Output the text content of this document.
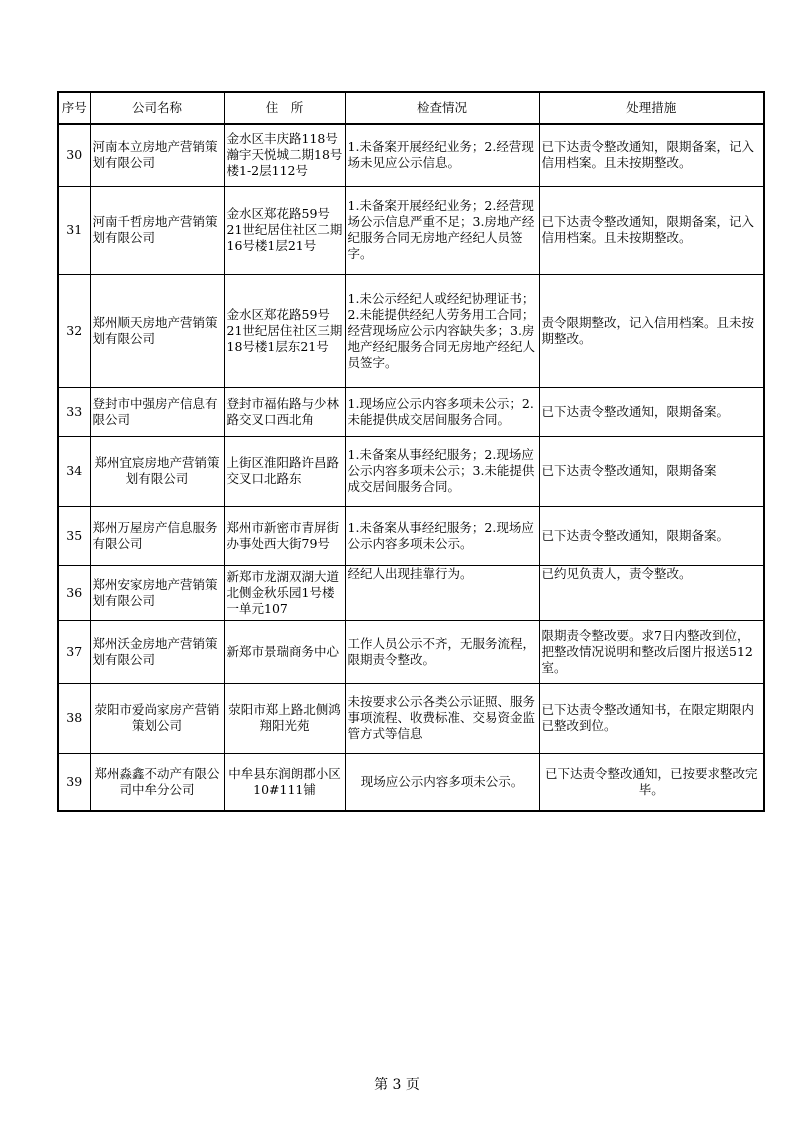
序号	公司名称	住　所	检查情况	处理措施
30	河南本立房地产营销策划有限公司	金水区丰庆路118号瀚宇天悦城二期18号楼1-2层112号	1.未备案开展经纪业务；2.经营现场未见应公示信息。	已下达责令整改通知，限期备案，记入信用档案。且未按期整改。
31	河南千哲房地产营销策划有限公司	金水区郑花路59号21世纪居住社区二期16号楼1层21号	1.未备案开展经纪业务；2.经营现场公示信息严重不足；3.房地产经纪服务合同无房地产经纪人员签字。	已下达责令整改通知，限期备案，记入信用档案。且未按期整改。
32	郑州顺天房地产营销策划有限公司	金水区郑花路59号21世纪居住社区三期18号楼1层东21号	1.未公示经纪人或经纪协理证书；2.未能提供经纪人劳务用工合同；经营现场应公示内容缺失多；3.房地产经纪服务合同无房地产经纪人员签字。	责令限期整改，记入信用档案。且未按期整改。
33	登封市中强房产信息有限公司	登封市福佑路与少林路交叉口西北角	1.现场应公示内容多项未公示；2.未能提供成交居间服务合同。	已下达责令整改通知，限期备案。
34	郑州宜宸房地产营销策划有限公司	上街区淮阳路许昌路交叉口北路东	1.未备案从事经纪服务；2.现场应公示内容多项未公示；3.未能提供成交居间服务合同。	已下达责令整改通知，限期备案
35	郑州万屋房产信息服务有限公司	郑州市新密市青屏街办事处西大街79号	1.未备案从事经纪服务；2.现场应公示内容多项未公示。	已下达责令整改通知，限期备案。
36	郑州安家房地产营销策划有限公司	新郑市龙湖双湖大道北侧金秋乐园1号楼一单元107	经纪人出现挂靠行为。	已约见负责人，责令整改。
37	郑州沃金房地产营销策划有限公司	新郑市景瑞商务中心	工作人员公示不齐，无服务流程，限期责令整改。	限期责令整改要。求7日内整改到位，把整改情况说明和整改后图片报送512室。
38	荥阳市爱尚家房产营销策划公司	荥阳市郑上路北侧鸿翔阳光苑	未按要求公示各类公示证照、服务事项流程、收费标准、交易资金监管方式等信息	已下达责令整改通知书，在限定期限内已整改到位。
39	郑州淼鑫不动产有限公司中牟分公司	中牟县东润朗郡小区10#111铺	现场应公示内容多项未公示。	已下达责令整改通知，已按要求整改完毕。
第 3 页
